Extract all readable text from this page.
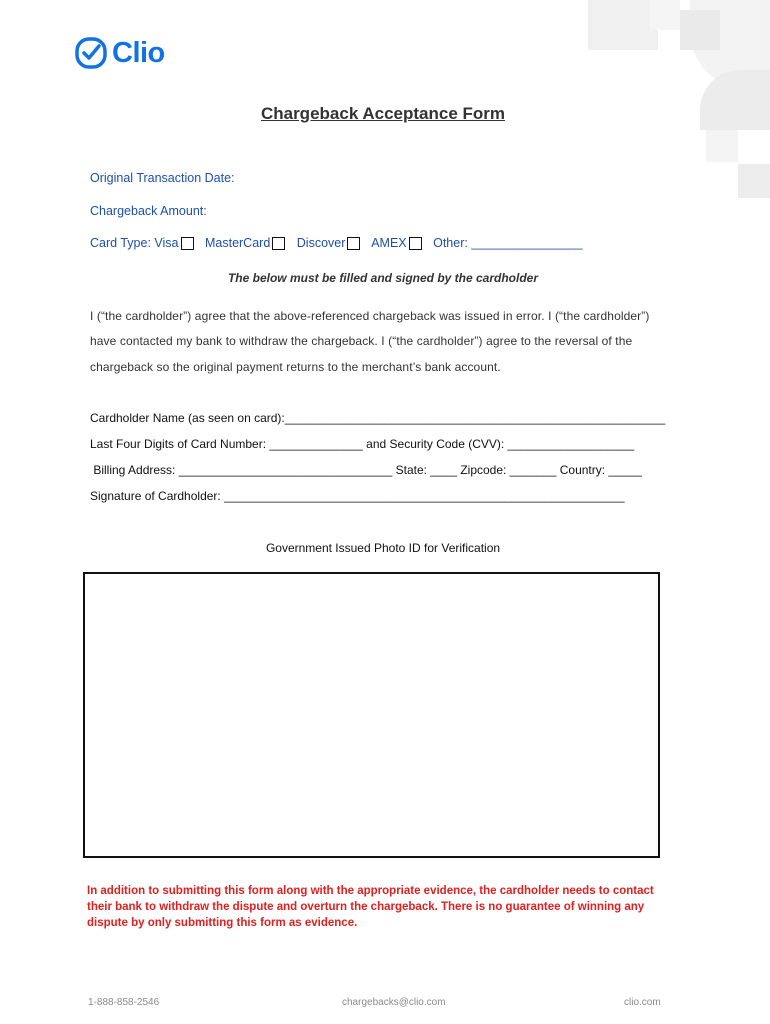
Clio
Chargeback Acceptance Form
Original Transaction Date:
Chargeback Amount:
Card Type: Visa MasterCard Discover AMEX Other: ________________
The below must be filled and signed by the cardholder
I (“the cardholder”) agree that the above-referenced chargeback was issued in error. I (“the cardholder”)
have contacted my bank to withdraw the chargeback. I (“the cardholder”) agree to the reversal of the
chargeback so the original payment returns to the merchant’s bank account.
Cardholder Name (as seen on card):_________________________________________________________
Last Four Digits of Card Number: ______________ and Security Code (CVV): ___________________
Billing Address: ________________________________ State: ____ Zipcode: _______ Country: _____
Signature of Cardholder: ____________________________________________________________
Government Issued Photo ID for Verification
In addition to submitting this form along with the appropriate evidence, the cardholder needs to contact their bank to withdraw the dispute and overturn the chargeback. There is no guarantee of winning any dispute by only submitting this form as evidence.
1-888-858-2546	chargebacks@clio.com	clio.com
